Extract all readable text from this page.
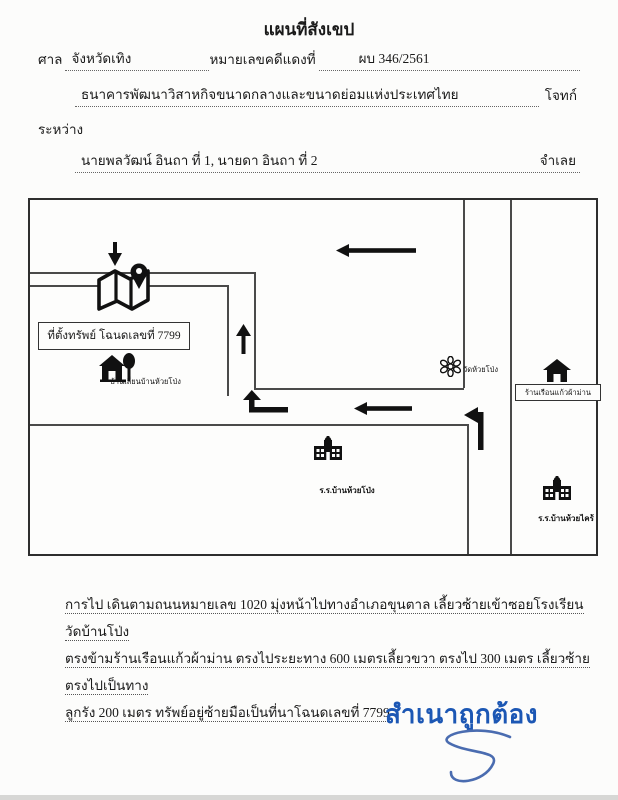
แผนที่สังเขป
ศาล จังหวัดเทิง	หมายเลขคดีแดงที่	ผบ 346/2561
ธนาคารพัฒนาวิสาหกิจขนาดกลางและขนาดย่อมแห่งประเทศไทย	โจทก์
ระหว่าง
นายพลวัฒน์ อินถา ที่ 1, นายดา อินถา ที่ 2	จำเลย
ที่ตั้งทรัพย์ โฉนดเลขที่ 7799
บ้านเลี่ยนบ้านห้วยโป่ง
วัดห้วยโป่ง
ร้านเรือนแก้วผ้าม่าน
ร.ร.บ้านห้วยโป่ง
ร.ร.บ้านห้วยไคร้
การไป เดินตามถนนหมายเลข 1020 มุ่งหน้าไปทางอำเภอขุนตาล เลี้ยวซ้ายเข้าซอยโรงเรียนวัดบ้านโป่ง
ตรงข้ามร้านเรือนแก้วผ้าม่าน ตรงไประยะทาง 600 เมตรเลี้ยวขวา ตรงไป 300 เมตร เลี้ยวซ้ายตรงไปเป็นทาง
ลูกรัง 200 เมตร ทรัพย์อยู่ซ้ายมือเป็นที่นาโฉนดเลขที่ 7799
สำเนาถูกต้อง
